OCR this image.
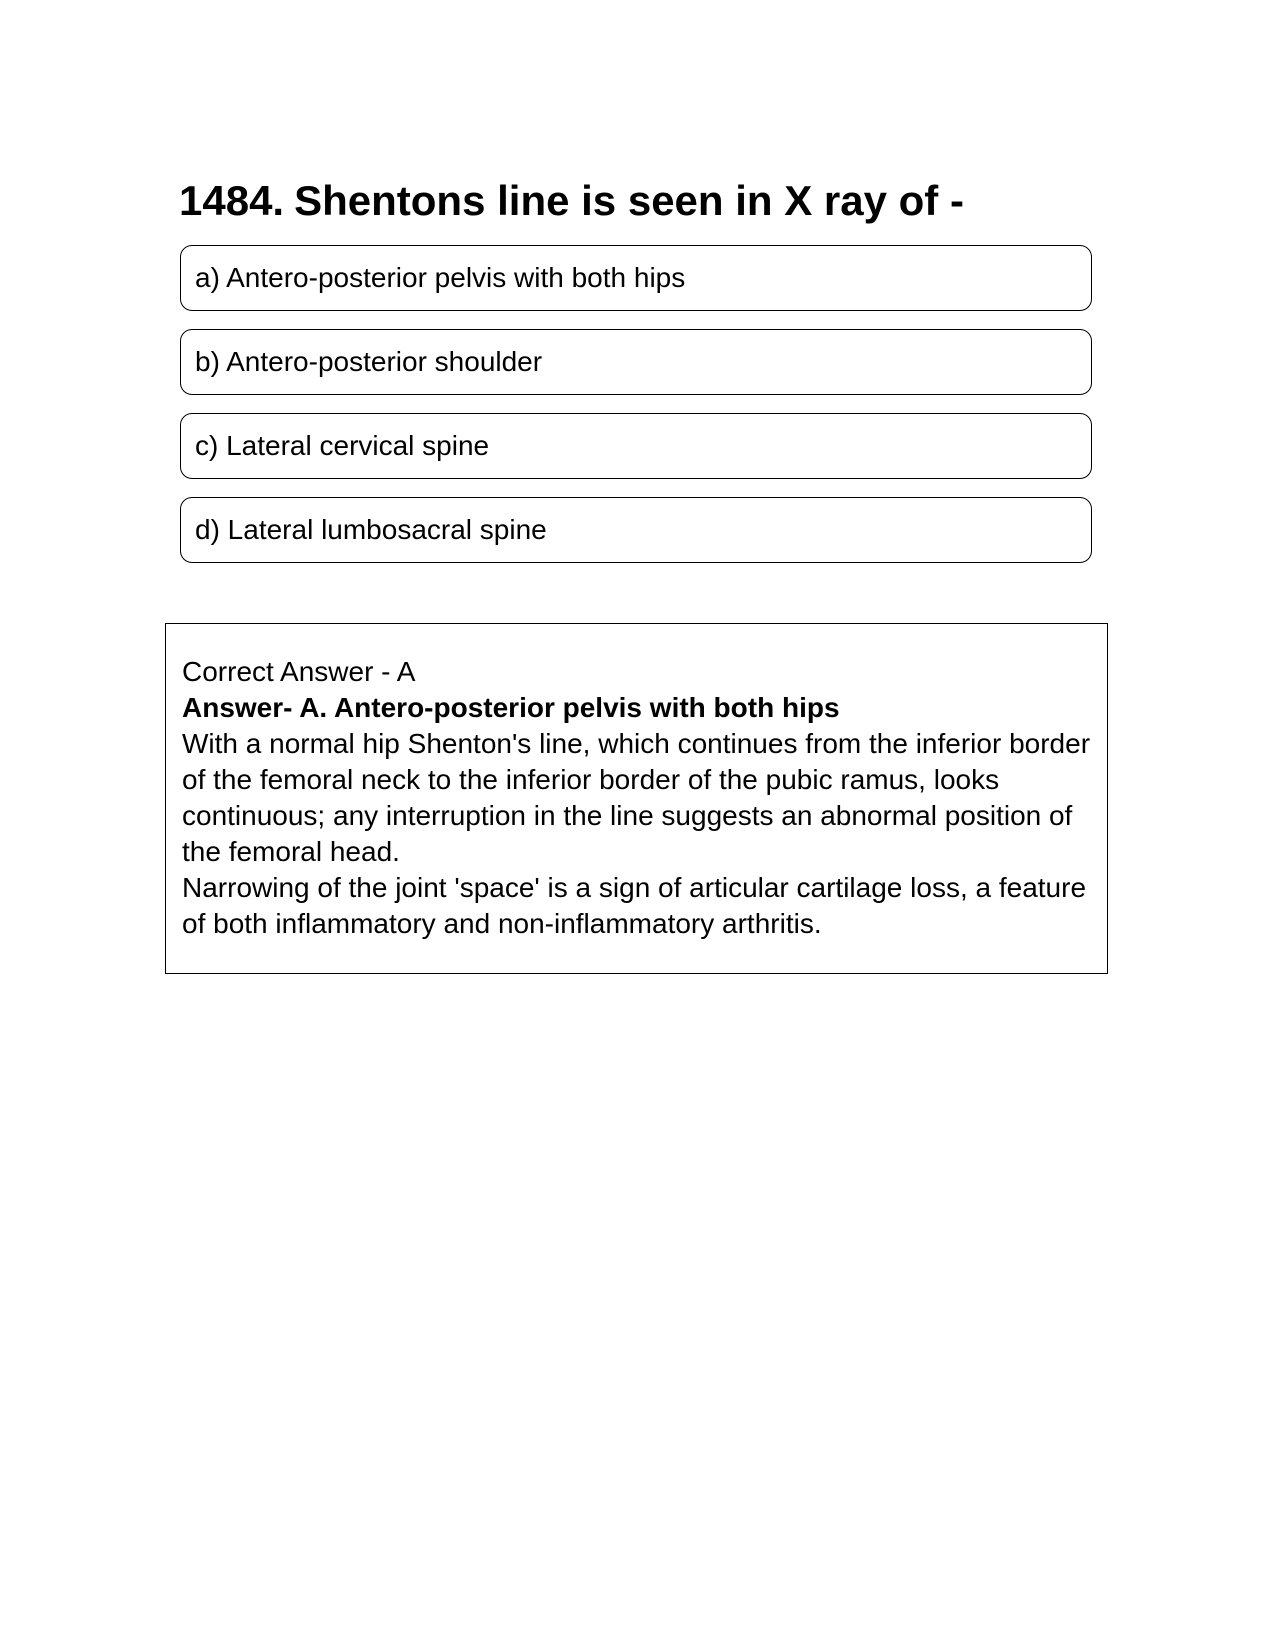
1484. Shentons line is seen in X ray of -
a) Antero-posterior pelvis with both hips
b) Antero-posterior shoulder
c) Lateral cervical spine
d) Lateral lumbosacral spine

Correct Answer - A

Answer- A. Antero-posterior pelvis with both hips

With a normal hip Shenton's line, which continues from the inferior border of the femoral neck to the inferior border of the pubic ramus, looks continuous; any interruption in the line suggests an abnormal position of the femoral head.

Narrowing of the joint 'space' is a sign of articular cartilage loss, a feature of both inflammatory and non-inflammatory arthritis.
